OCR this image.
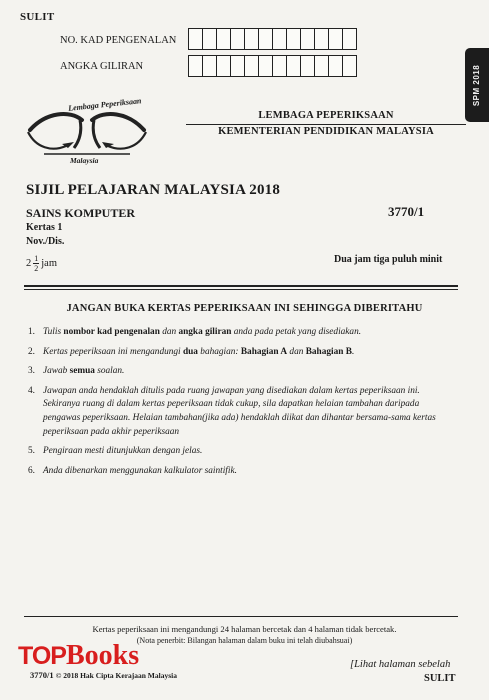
SULIT
NO. KAD PENGENALAN
ANGKA GILIRAN	SPM 2018
Lembaga Peperiksaan
Malaysia
LEMBAGA PEPERIKSAAN
KEMENTERIAN PENDIDIKAN MALAYSIA
SIJIL PELAJARAN MALAYSIA 2018
SAINS KOMPUTER	3770/1
Kertas 1
Nov./Dis.
$2 \frac{1}{2}$ jam	Dua jam tiga puluh minit
JANGAN BUKA KERTAS PEPERIKSAAN INI SEHINGGA DIBERITAHU
1. Tulis nombor kad pengenalan dan angka giliran anda pada petak yang disediakan.
2. Kertas peperiksaan ini mengandungi dua bahagian: Bahagian A dan Bahagian B.
3. Jawab semua soalan.
4. Jawapan anda hendaklah ditulis pada ruang jawapan yang disediakan dalam kertas peperiksaan ini. Sekiranya ruang di dalam kertas peperiksaan tidak cukup, sila dapatkan helaian tambahan daripada pengawas peperiksaan. Helaian tambahan(jika ada) hendaklah diikat dan dihantar bersama-sama kertas peperiksaan pada akhir peperiksaan
5. Pengiraan mesti ditunjukkan dengan jelas.
6. Anda dibenarkan menggunakan kalkulator saintifik.
Kertas peperiksaan ini mengandungi 24 halaman bercetak dan 4 halaman tidak bercetak.
(Nota penerbit: Bilangan halaman dalam buku ini telah diubahsuai)
TOP Books
3770/1 © 2018 Hak Cipta Kerajaan Malaysia
[Lihat halaman sebelah
SULIT
